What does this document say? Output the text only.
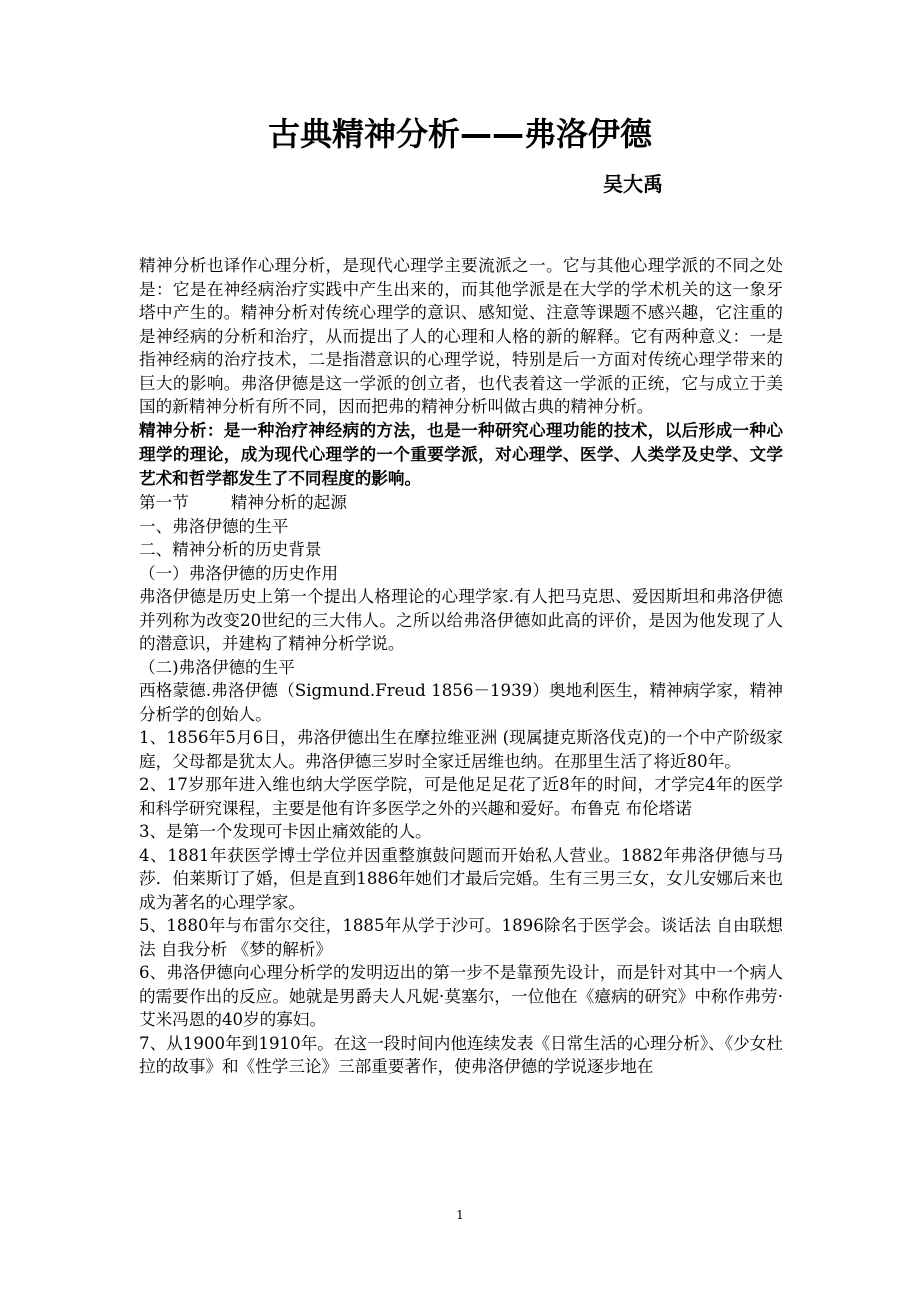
古典精神分析——弗洛伊德
吴大禹

精神分析也译作心理分析，是现代心理学主要流派之一。它与其他心理学派的不同之处是：它是在神经病治疗实践中产生出来的，而其他学派是在大学的学术机关的这一象牙塔中产生的。精神分析对传统心理学的意识、感知觉、注意等课题不感兴趣，它注重的是神经病的分析和治疗，从而提出了人的心理和人格的新的解释。它有两种意义：一是指神经病的治疗技术，二是指潜意识的心理学说，特别是后一方面对传统心理学带来的巨大的影响。弗洛伊德是这一学派的创立者，也代表着这一学派的正统，它与成立于美国的新精神分析有所不同，因而把弗的精神分析叫做古典的精神分析。

精神分析：是一种治疗神经病的方法，也是一种研究心理功能的技术，以后形成一种心理学的理论，成为现代心理学的一个重要学派，对心理学、医学、人类学及史学、文学艺术和哲学都发生了不同程度的影响。

第一节	精神分析的起源

一、弗洛伊德的生平

二、精神分析的历史背景

（一）弗洛伊德的历史作用

弗洛伊德是历史上第一个提出人格理论的心理学家.有人把马克思、爱因斯坦和弗洛伊德并列称为改变20世纪的三大伟人。之所以给弗洛伊德如此高的评价，是因为他发现了人的潜意识，并建构了精神分析学说。

（二)弗洛伊德的生平

西格蒙德.弗洛伊德（Sigmund.Freud 1856－1939）奥地利医生，精神病学家，精神分析学的创始人。

1、1856年5月6日，弗洛伊德出生在摩拉维亚洲 (现属捷克斯洛伐克)的一个中产阶级家庭，父母都是犹太人。弗洛伊德三岁时全家迁居维也纳。在那里生活了将近80年。

2、17岁那年进入维也纳大学医学院，可是他足足花了近8年的时间，才学完4年的医学和科学研究课程，主要是他有许多医学之外的兴趣和爱好。布鲁克 布伦塔诺

3、是第一个发现可卡因止痛效能的人。

4、1881年获医学博士学位并因重整旗鼓问题而开始私人营业。1882年弗洛伊德与马莎．伯莱斯订了婚，但是直到1886年她们才最后完婚。生有三男三女，女儿安娜后来也成为著名的心理学家。

5、1880年与布雷尔交往，1885年从学于沙可。1896除名于医学会。谈话法 自由联想法 自我分析 《梦的解析》

6、弗洛伊德向心理分析学的发明迈出的第一步不是靠预先设计，而是针对其中一个病人的需要作出的反应。她就是男爵夫人凡妮·莫塞尔，一位他在《癔病的研究》中称作弗劳·艾米冯恩的40岁的寡妇。

7、从1900年到1910年。在这一段时间内他连续发表《日常生活的心理分析》、《少女杜拉的故事》和《性学三论》三部重要著作，使弗洛伊德的学说逐步地在

1
